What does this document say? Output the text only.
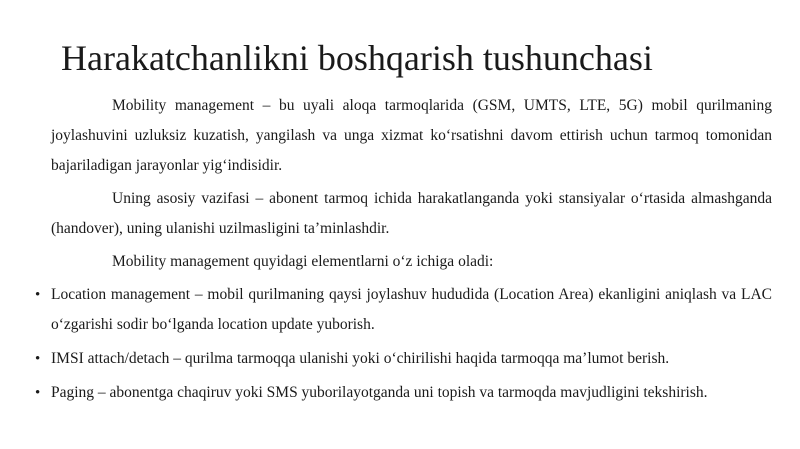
Harakatchanlikni boshqarish tushunchasi

Mobility management – bu uyali aloqa tarmoqlarida (GSM, UMTS, LTE, 5G) mobil qurilmaning joylashuvini uzluksiz kuzatish, yangilash va unga xizmat ko‘rsatishni davom ettirish uchun tarmoq tomonidan bajariladigan jarayonlar yig‘indisidir.

Uning asosiy vazifasi – abonent tarmoq ichida harakatlanganda yoki stansiyalar o‘rtasida almashganda (handover), uning ulanishi uzilmasligini ta’minlashdir.

Mobility management quyidagi elementlarni o‘z ichiga oladi:

• Location management – mobil qurilmaning qaysi joylashuv hududida (Location Area) ekanligini aniqlash va LAC o‘zgarishi sodir bo‘lganda location update yuborish.
• IMSI attach/detach – qurilma tarmoqqa ulanishi yoki o‘chirilishi haqida tarmoqqa ma’lumot berish.
• Paging – abonentga chaqiruv yoki SMS yuborilayotganda uni topish va tarmoqda mavjudligini tekshirish.
